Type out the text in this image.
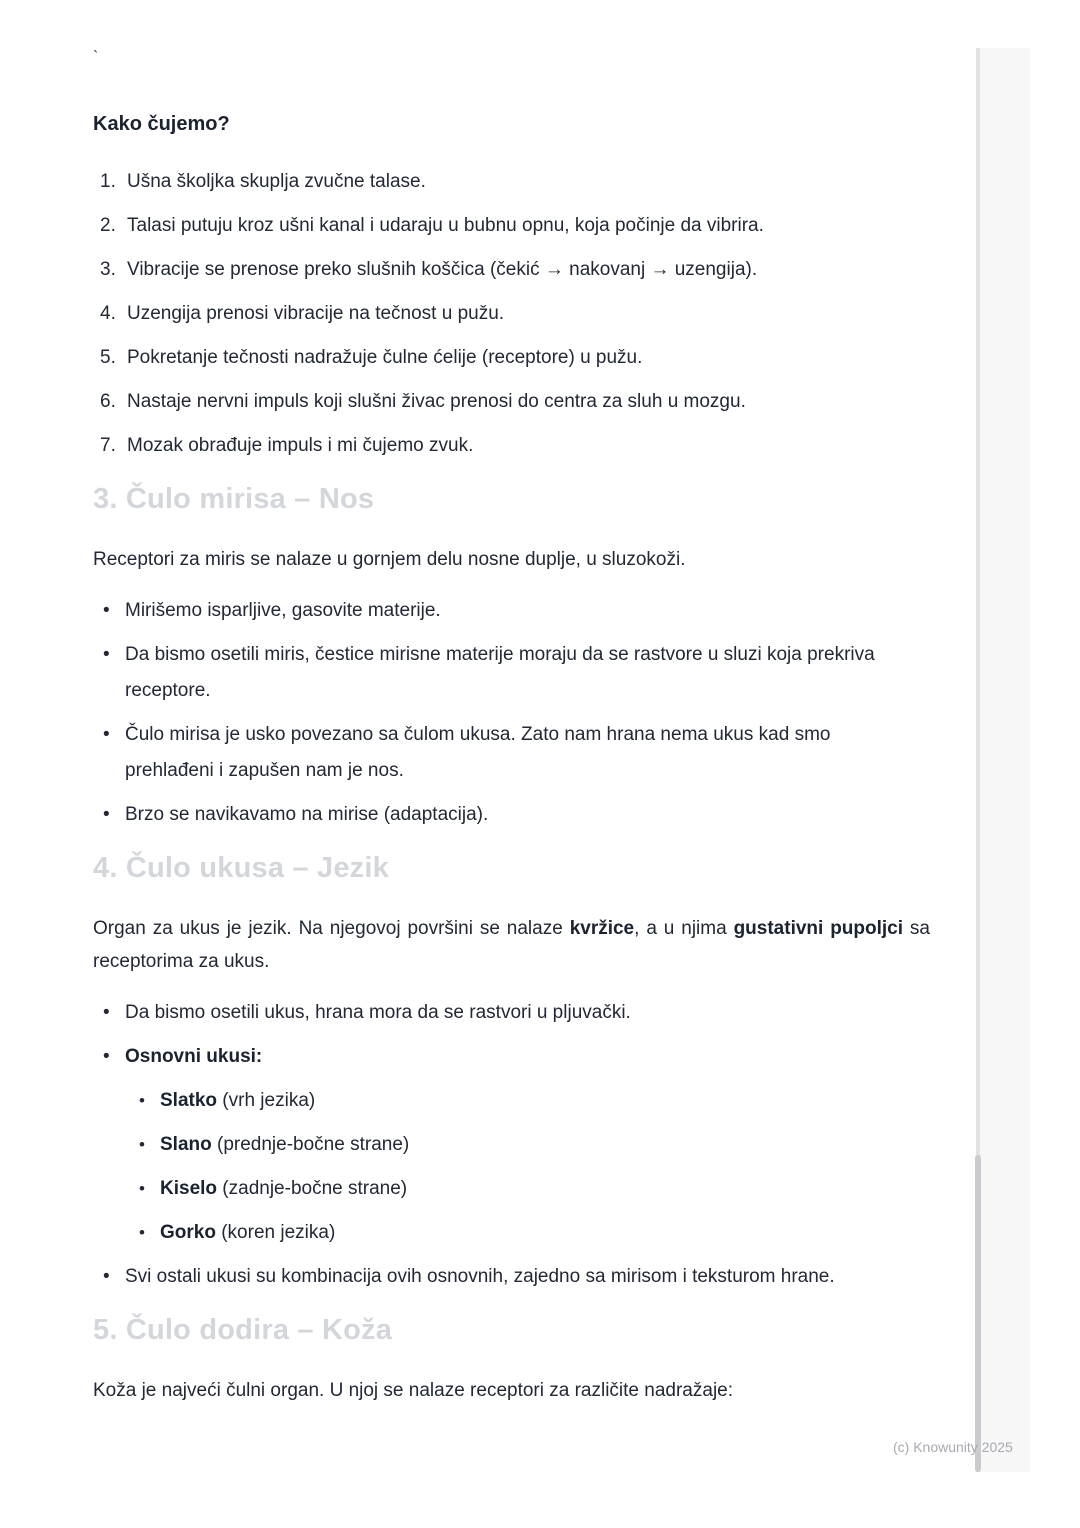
`
Kako čujemo?
Ušna školjka skuplja zvučne talase.
Talasi putuju kroz ušni kanal i udaraju u bubnu opnu, koja počinje da vibrira.
Vibracije se prenose preko slušnih koščica (čekić → nakovanj → uzengija).
Uzengija prenosi vibracije na tečnost u pužu.
Pokretanje tečnosti nadražuje čulne ćelije (receptore) u pužu.
Nastaje nervni impuls koji slušni živac prenosi do centra za sluh u mozgu.
Mozak obrađuje impuls i mi čujemo zvuk.
3. Čulo mirisa – Nos

Receptori za miris se nalaze u gornjem delu nosne duplje, u sluzokoži.

• Mirišemo isparljive, gasovite materije.
• Da bismo osetili miris, čestice mirisne materije moraju da se rastvore u sluzi koja prekriva receptore.
• Čulo mirisa je usko povezano sa čulom ukusa. Zato nam hrana nema ukus kad smo prehlađeni i zapušen nam je nos.
• Brzo se navikavamo na mirise (adaptacija).
4. Čulo ukusa – Jezik

Organ za ukus je jezik. Na njegovoj površini se nalaze kvržice, a u njima gustativni pupoljci sa receptorima za ukus.

• Da bismo osetili ukus, hrana mora da se rastvori u pljuvački.
• Osnovni ukusi:
• Slatko (vrh jezika)
• Slano (prednje-bočne strane)
• Kiselo (zadnje-bočne strane)
• Gorko (koren jezika)
• Svi ostali ukusi su kombinacija ovih osnovnih, zajedno sa mirisom i teksturom hrane.
5. Čulo dodira – Koža

Koža je najveći čulni organ. U njoj se nalaze receptori za različite nadražaje:

(c) Knowunity 2025
